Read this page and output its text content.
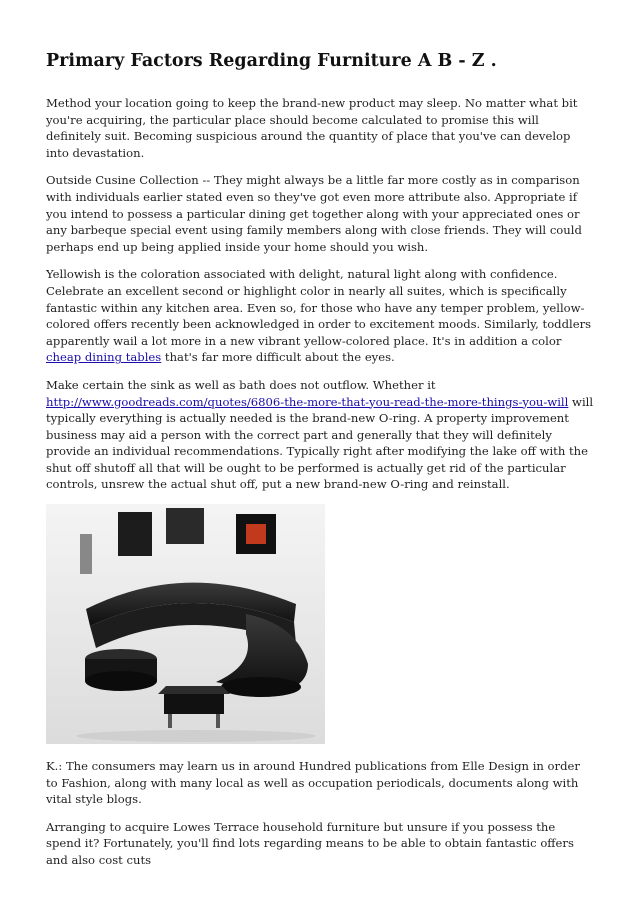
Primary Factors Regarding Furniture A B - Z .

Method your location going to keep the brand-new product may sleep. No matter what bit you're acquiring, the particular place should become calculated to promise this will definitely suit. Becoming suspicious around the quantity of place that you've can develop into devastation.

Outside Cusine Collection -- They might always be a little far more costly as in comparison with individuals earlier stated even so they've got even more attribute also. Appropriate if you intend to possess a particular dining get together along with your appreciated ones or any barbeque special event using family members along with close friends. They will could perhaps end up being applied inside your home should you wish.

Yellowish is the coloration associated with delight, natural light along with confidence. Celebrate an excellent second or highlight color in nearly all suites, which is specifically fantastic within any kitchen area. Even so, for those who have any temper problem, yellow-colored offers recently been acknowledged in order to excitement moods. Similarly, toddlers apparently wail a lot more in a new vibrant yellow-colored place. It's in addition a color cheap dining tables that's far more difficult about the eyes.

Make certain the sink as well as bath does not outflow. Whether it http://www.goodreads.com/quotes/6806-the-more-that-you-read-the-more-things-you-will will typically everything is actually needed is the brand-new O-ring. A property improvement business may aid a person with the correct part and generally that they will definitely provide an individual recommendations. Typically right after modifying the lake off with the shut off shutoff all that will be ought to be performed is actually get rid of the particular controls, unsrew the actual shut off, put a new brand-new O-ring and reinstall.

K.: The consumers may learn us in around Hundred publications from Elle Design in order to Fashion, along with many local as well as occupation periodicals, documents along with vital style blogs.

Arranging to acquire Lowes Terrace household furniture but unsure if you possess the spend it? Fortunately, you'll find lots regarding means to be able to obtain fantastic offers and also cost cuts
